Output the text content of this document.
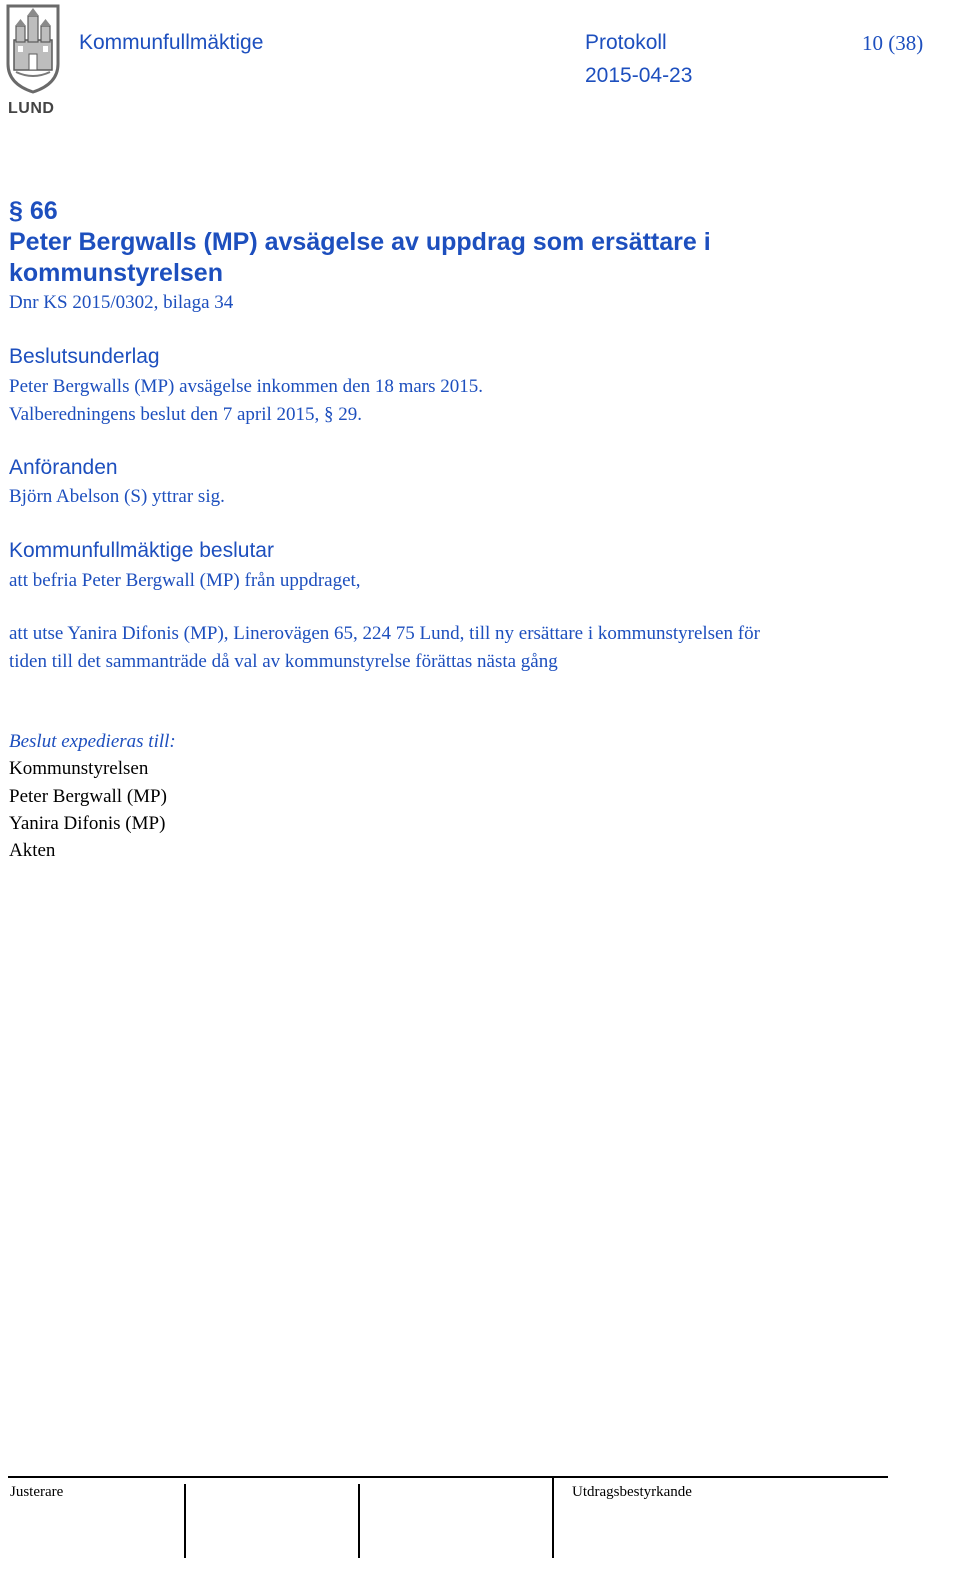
LUND
Kommunfullmäktige	Protokoll	10 (38)
2015-04-23
§ 66
Peter Bergwalls (MP) avsägelse av uppdrag som ersättare i
kommunstyrelsen
Dnr KS 2015/0302, bilaga 34
Beslutsunderlag
Peter Bergwalls (MP) avsägelse inkommen den 18 mars 2015.
Valberedningens beslut den 7 april 2015, § 29.
Anföranden
Björn Abelson (S) yttrar sig.
Kommunfullmäktige beslutar
att befria Peter Bergwall (MP) från uppdraget,
att utse Yanira Difonis (MP), Linerovägen 65, 224 75 Lund, till ny ersättare i kommunstyrelsen för
tiden till det sammanträde då val av kommunstyrelse förättas nästa gång
Beslut expedieras till:
Kommunstyrelsen
Peter Bergwall (MP)
Yanira Difonis (MP)
Akten
Justerare	Utdragsbestyrkande
